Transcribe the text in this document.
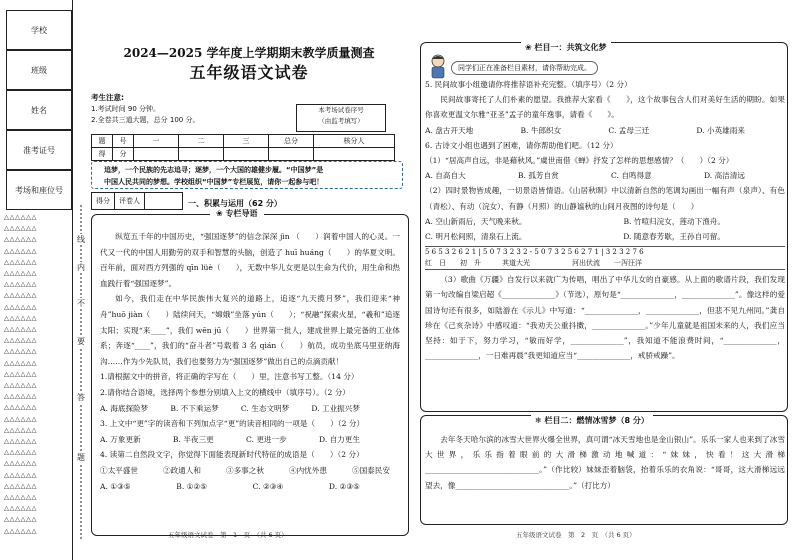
学校
班级
姓名
准考证号
考场和座位号
△△△△△△
△△△△△△
△△△△△△
△△△△△△
△△△△△△
△△△△△△
△△△△△△
△△△△△△
△△△△△△
△△△△△△
△△△△△△
△△△△△△
△△△△△△
△△△△△△
△△△△△△
△△△△△△
△△△△△△
△△△△△△
△△△△△△
△△△△△△
△△△△△△
△△△△△△
△△△△△△
△△△△△△
△△△△△△
△△△△△△
△△△△△△
△△△△△△
△△△△△△
线
内
不
要
答
题
2024—2025 学年度上学期期末教学质量测查
五年级语文试卷
考生注意:
1.考试时间 90 分钟。
2.全卷共三道大题，总分 100 分。
本考场试卷序号
（由监考填写）
题	号	一	二	三	总分	核分人
得	分					
追梦，一个民族的先志追寻；逐梦，一个大国的雄健步履。“中国梦”是
中国人民共同的梦想。学校组织“中国梦”专栏展览，请你一起参与吧！
得分	评卷人	一、积累与运用（62 分）
❀ 专栏导语

纵览五千年的中国历史，“强国逐梦”的信念深深 jìn （　　）润着中国人的心灵。一代又一代的中国人用勤劳的双手和智慧的头脑，创造了 huī huáng（　　）的华夏文明。百年前，面对西方列强的 qīn lüè（　　），无数中华儿女更是以生命为代价，用生命和热血践行着“强国逐梦”。

如今，我们走在中华民族伟大复兴的道路上，追逐“九天揽月梦”，我们迎来“神舟”huō jiàn（　　）陆续问天，“嫦娥”坐落 yún（　　）；“祝融”探索火星，“羲和”追逐太阳；实现“来____”，我们 wēn jū（　　）世界第一批人，建成世界上最完备的工业体系；奔逐“____”，我们的“奋斗者”号载着 3 名 qián（　　）航员，成功坐底马里亚纳海沟……作为少先队员，我们也要努力为“强国逐梦”做出自己的点滴贡献！

1.请根据文中的拼音，将正确的字写在（　　）里，注意书写工整。（14 分）

2.请你结合语境，选择两个参想分别填入上文的横线中（填序号）。（2 分）

A. 海底探险梦	B. 不下乘运梦	C. 生态文明梦	D. 工业振兴梦

3. 上文中“更”字的读音和下列加点字“更”的读音相同的一项是（　　）（2 分）

A. 万象更新	B. 半夜三更	C. 更进一步	D. 自力更生

4. 读第二自然段文字，你觉得下面能表现新时代特征的成语是（　　）（2 分）

①太平盛世	②政通人和	③多事之秋	④内忧外患	⑤国泰民安

A. ①③⑤	B. ①②⑤	C. ②③④	D. ②③⑤

五年级语文试卷　第　1　页　（共 6 页）
❀ 栏目一：共筑文化梦
同学们正在准备栏目素材，请你帮助完成。

5. 民间故事小组邀请你将推荐语补充完整。（填序号）（2 分）

民间故事寄托了人们朴素的愿望。我推荐大家看《　　》，这个故事包含人们对美好生活的期盼。如果你喜欢更温文尔雅“亚圣”孟子的童年逸事，请看《　　》。

A. 盘古开天地	B. 牛郎织女	C. 孟母三迁	D. 小英雄雨来

6. 古诗文小组也遇到了困难，请你帮助他们吧。（12 分）

（1）“居高声自远，非是藉秋风。”虞世南借《蝉》抒发了怎样的思想感情？（　　）（2 分）

A. 自高自大	B. 孤芳自赏	C. 自鸣得意	D. 高洁清远

（2）四时景物皆成趣，一切景语皆情语。《山居秋暝》中以清新自然的笔调勾画出一幅有声（泉声）、有色（青松）、有动（浣女）、有静（月照）的山静谧秋的山间月夜图的诗句是（　　）

A. 空山新雨后，天气晚来秋。	B. 竹喧归浣女，莲动下渔舟。

C. 明月松间照，清泉石上流。	D. 随意春芳歇，王孙自可留。

5 6 5 3 2 6 2 1 | 5 0 7 3 2 3 2 - 5 0 7 3 2 5 6 2 7 1 | 3 2 3 2 7 6
红　日　　初　升　　　其道大光　　　　　　河出伏流　　一泻汪洋

（3）歌曲《万疆》自发行以来就广为传唱，唱出了中华儿女的自豪感。从上面的歌谱片段，我们发现第一句改编自梁启超《______________》（节选），原句是“______________，______________”。像这样的爱国诗句还有很多，如陆游在《示儿》中写道：“______________，______________，但悲不见九州同。”龚自珍在《己亥杂诗》中感叹道：“我劝天公重抖擞，______________。”少年儿童就是祖国未来的人，我们应当坚持：如于下，努力学习，“敏而好学，______________”，我知道不能浪费时间，“______________，______________，一日难再晨”我更知道应当“______________，戒骄戒躁”。

❄ 栏目二：燃情冰雪梦（8 分）

去年冬天哈尔滨的冰雪大世界火爆全世界，真可谓“冰天雪地也是金山银山”。乐乐一家人也来到了冰雪大世界，乐乐指着眼前的大滑梯激动地喊道：“妹妹，快看！这大滑梯______________________________。”（作比较）妹妹歪着脑袋，抬着乐乐的衣角说：“哥哥，这大滑梯远远望去，像______________________________。”（打比方）

五年级语文试卷　第　2　页　（共 6 页）
